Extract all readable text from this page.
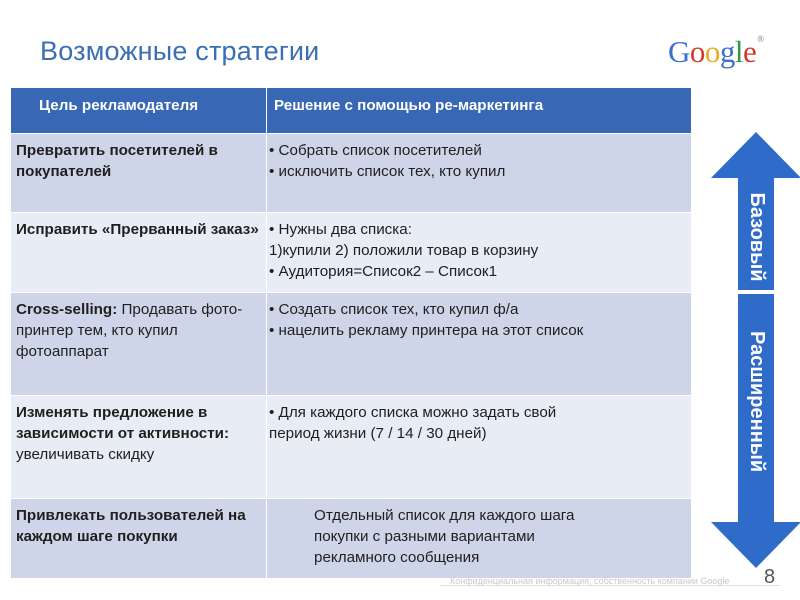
Возможные стратегии	Google®
Цель рекламодателя	Решение с помощью ре-маркетинга
Превратить посетителей в покупателей
• Собрать список посетителей
• исключить список тех, кто купил
Исправить «Прерванный заказ» • Нужны два списка:
1)купили 2) положили товар в корзину
• Аудитория=Список2 – Список1
Cross-selling: Продавать фото-принтер тем, кто купил фотоаппарат
• Создать список тех, кто купил ф/а
• нацелить рекламу принтера на этот список
Изменять предложение в зависимости от активности: увеличивать скидку
• Для каждого списка можно задать свой
период жизни (7 / 14 / 30 дней)
Привлекать пользователей на каждом шаге покупки
Отдельный список для каждого шага
покупки с разными вариантами
рекламного сообщения
Базовый
Расширенный
Конфиденциальная информация, собственность компании Google 8
